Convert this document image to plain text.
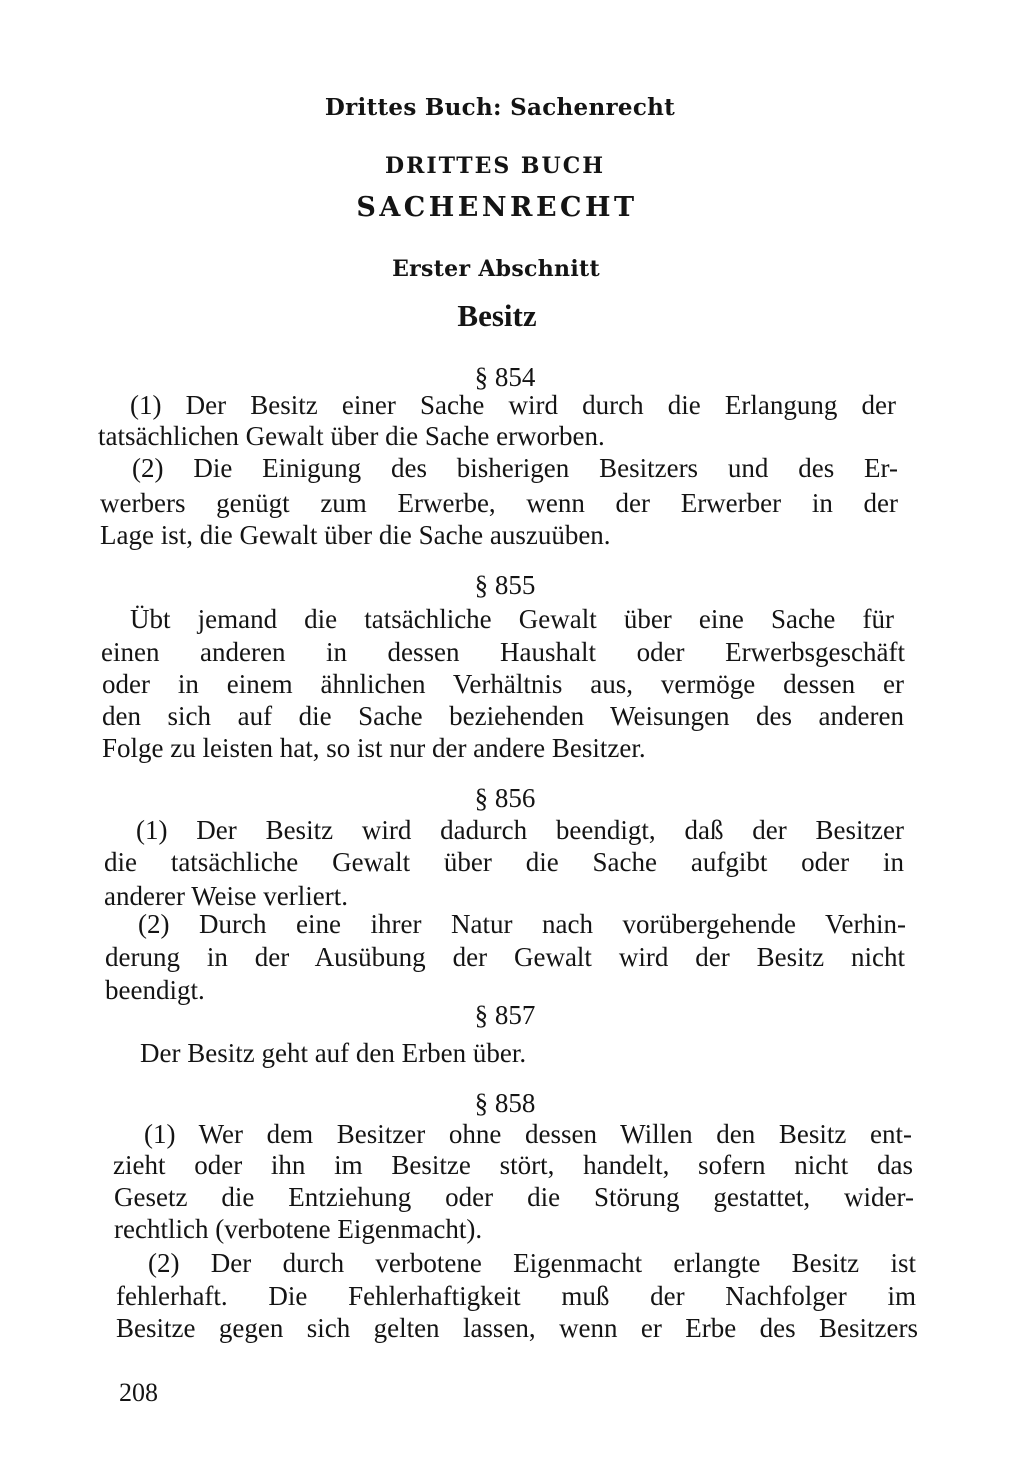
Drittes Buch: Sachenrecht
DRITTES BUCH
SACHENRECHT
Erster Abschnitt
Besitz
§ 854
(1) Der Besitz einer Sache wird durch die Erlangung der
tatsächlichen Gewalt über die Sache erworben.
(2) Die Einigung des bisherigen Besitzers und des Er-
werbers genügt zum Erwerbe, wenn der Erwerber in der
Lage ist, die Gewalt über die Sache auszuüben.
§ 855
Übt jemand die tatsächliche Gewalt über eine Sache für
einen anderen in dessen Haushalt oder Erwerbsgeschäft
oder in einem ähnlichen Verhältnis aus, vermöge dessen er
den sich auf die Sache beziehenden Weisungen des anderen
Folge zu leisten hat, so ist nur der andere Besitzer.
§ 856
(1) Der Besitz wird dadurch beendigt, daß der Besitzer
die tatsächliche Gewalt über die Sache aufgibt oder in
anderer Weise verliert.
(2) Durch eine ihrer Natur nach vorübergehende Verhin-
derung in der Ausübung der Gewalt wird der Besitz nicht
beendigt.
§ 857
Der Besitz geht auf den Erben über.
§ 858
(1) Wer dem Besitzer ohne dessen Willen den Besitz ent-
zieht oder ihn im Besitze stört, handelt, sofern nicht das
Gesetz die Entziehung oder die Störung gestattet, wider-
rechtlich (verbotene Eigenmacht).
(2) Der durch verbotene Eigenmacht erlangte Besitz ist
fehlerhaft. Die Fehlerhaftigkeit muß der Nachfolger im
Besitze gegen sich gelten lassen, wenn er Erbe des Besitzers
208
